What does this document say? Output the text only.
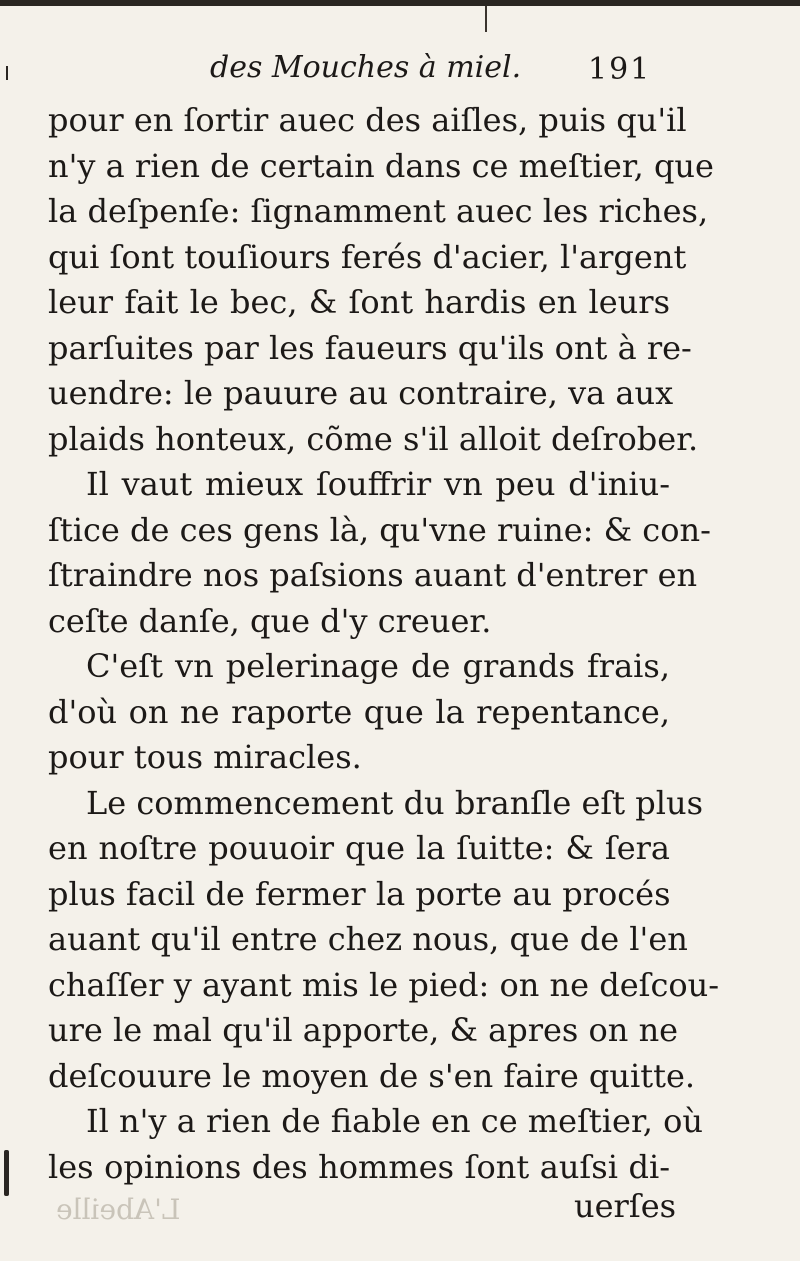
des Mouches à miel. 191
pour en ſortir auec des aiſles, puis qu'il
n'y a rien de certain dans ce meſtier, que
la deſpenſe: ſignamment auec les riches,
qui ſont touſiours ferés d'acier, l'argent
leur fait le bec, & ſont hardis en leurs
parſuites par les faueurs qu'ils ont à re-
uendre: le pauure au contraire, va aux
plaids honteux, cõme s'il alloit deſrober.
Il vaut mieux ſouffrir vn peu d'iniu-
ſtice de ces gens là, qu'vne ruine: & con-
ſtraindre nos paſsions auant d'entrer en
ceſte danſe, que d'y creuer.
C'eſt vn pelerinage de grands frais,
d'où on ne raporte que la repentance,
pour tous miracles.
Le commencement du branſle eſt plus
en noſtre pouuoir que la ſuitte: & ſera
plus facil de fermer la porte au procés
auant qu'il entre chez nous, que de l'en
chaſſer y ayant mis le pied: on ne deſcou-
ure le mal qu'il apporte, & apres on ne
deſcouure le moyen de s'en faire quitte.
Il n'y a rien de fiable en ce meſtier, où
les opinions des hommes ſont auſsi di-
L'Abeille	uerſes
